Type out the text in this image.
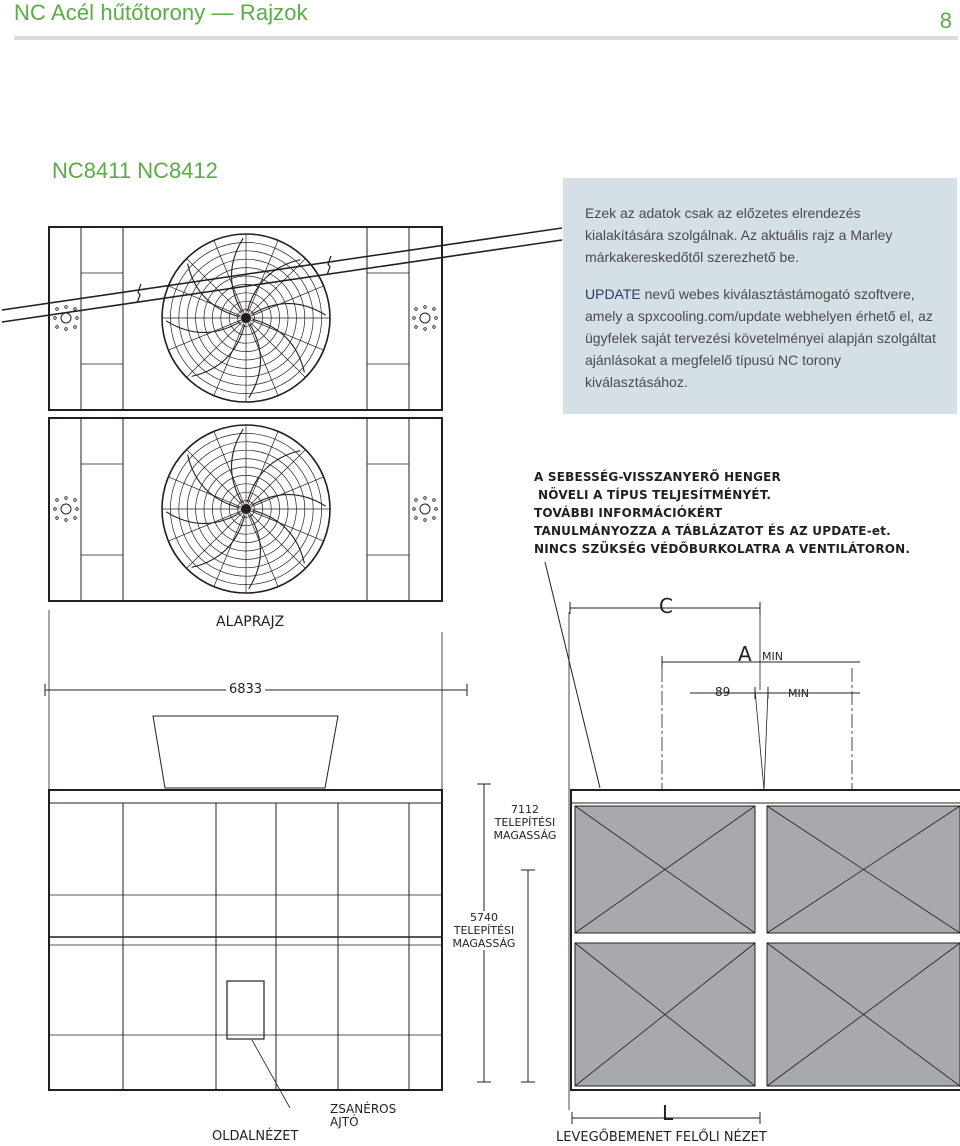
NC Acél hűtőtorony — Rajzok	8
NC8411 NC8412

Ezek az adatok csak az előzetes elrendezés kialakítására szolgálnak. Az aktuális rajz a Marley márkakereskedőtől szerezhető be.

UPDATE nevű webes kiválasztástámogató szoftvere, amely a spxcooling.com/update webhelyen érhető el, az ügyfelek saját tervezési követelményei alapján szolgáltat ajánlásokat a megfelelő típusú NC torony kiválasztásához.

A SEBESSÉG-VISSZANYERŐ HENGER
NÖVELI A TÍPUS TELJESÍTMÉNYÉT.
TOVÁBBI INFORMÁCIÓKÉRT
TANULMÁNYOZZA A TÁBLÁZATOT ÉS AZ UPDATE-et.
NINCS SZÜKSÉG VÉDŐBURKOLATRA A VENTILÁTORON.
ALAPRAJZ
6833
C
A MIN
89	MIN
7112
TELEPÍTÉSI
MAGASSÁG
5740
TELEPÍTÉSI
MAGASSÁG
ZSANÉROS
AJTÓ
OLDALNÉZET
L
LEVEGŐBEMENET FELŐLI NÉZET
